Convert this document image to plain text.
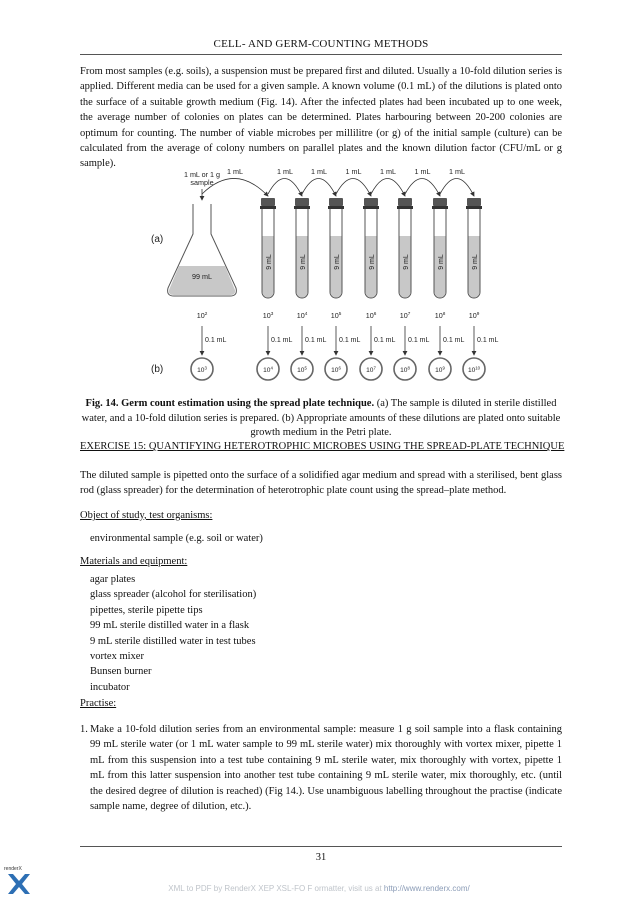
CELL- AND GERM-COUNTING METHODS

From most samples (e.g. soils), a suspension must be prepared first and diluted. Usually a 10-fold dilution series is applied. Different media can be used for a given sample. A known volume (0.1 mL) of the dilutions is plated onto the surface of a suitable growth medium (Fig. 14). After the infected plates had been incubated up to one week, the average number of colonies on plates can be determined. Plates harbouring between 20-200 colonies are optimum for counting. The number of viable microbes per millilitre (or g) of the initial sample (culture) can be calculated from the average of colony numbers on parallel plates and the known dilution factor (CFU/mL or g sample).

1 mL or 1 g
sample
1 mL	1 mL	1 mL	1 mL	1 mL	1 mL	1 mL
99 mL
(a)
9 mL	9 mL	9 mL	9 mL	9 mL	9 mL	9 mL
$10^2$	$10^3$	$10^4$	$10^5$	$10^6$	$10^7$	$10^8$	$10^9$
0.1 mL
$10^3$
0.1 mL
$10^4$
0.1 mL
$10^5$
0.1 mL
$10^6$
0.1 mL
$10^7$
0.1 mL
$10^8$
0.1 mL
$10^9$
0.1 mL
$10^{10}$
(b)

Fig. 14. Germ count estimation using the spread plate technique. (a) The sample is diluted in sterile distilled water, and a 10-fold dilution series is prepared. (b) Appropriate amounts of these dilutions are plated onto suitable growth medium in the Petri plate.

EXERCISE 15: QUANTIFYING HETEROTROPHIC MICROBES USING THE SPREAD-PLATE TECHNIQUE

The diluted sample is pipetted onto the surface of a solidified agar medium and spread with a sterilised, bent glass rod (glass spreader) for the determination of heterotrophic plate count using the spread–plate method.

Object of study, test organisms:

environmental sample (e.g. soil or water)

Materials and equipment:

agar plates
glass spreader (alcohol for sterilisation)
pipettes, sterile pipette tips
99 mL sterile distilled water in a flask
9 mL sterile distilled water in test tubes
vortex mixer
Bunsen burner
incubator

Practise:

1. Make a 10-fold dilution series from an environmental sample: measure 1 g soil sample into a flask containing 99 mL sterile water (or 1 mL water sample to 99 mL sterile water) mix thoroughly with vortex mixer, pipette 1 mL from this suspension into a test tube containing 9 mL sterile water, mix thoroughly with vortex, pipette 1 mL from this latter suspension into another test tube containing 9 mL sterile water, mix thoroughly, etc. (until the desired degree of dilution is reached) (Fig 14.). Use unambiguous labelling throughout the practise (indicate sample name, degree of dilution, etc.).
31
renderX
XML to PDF by RenderX XEP XSL-FO F ormatter, visit us at http://www.renderx.com/
